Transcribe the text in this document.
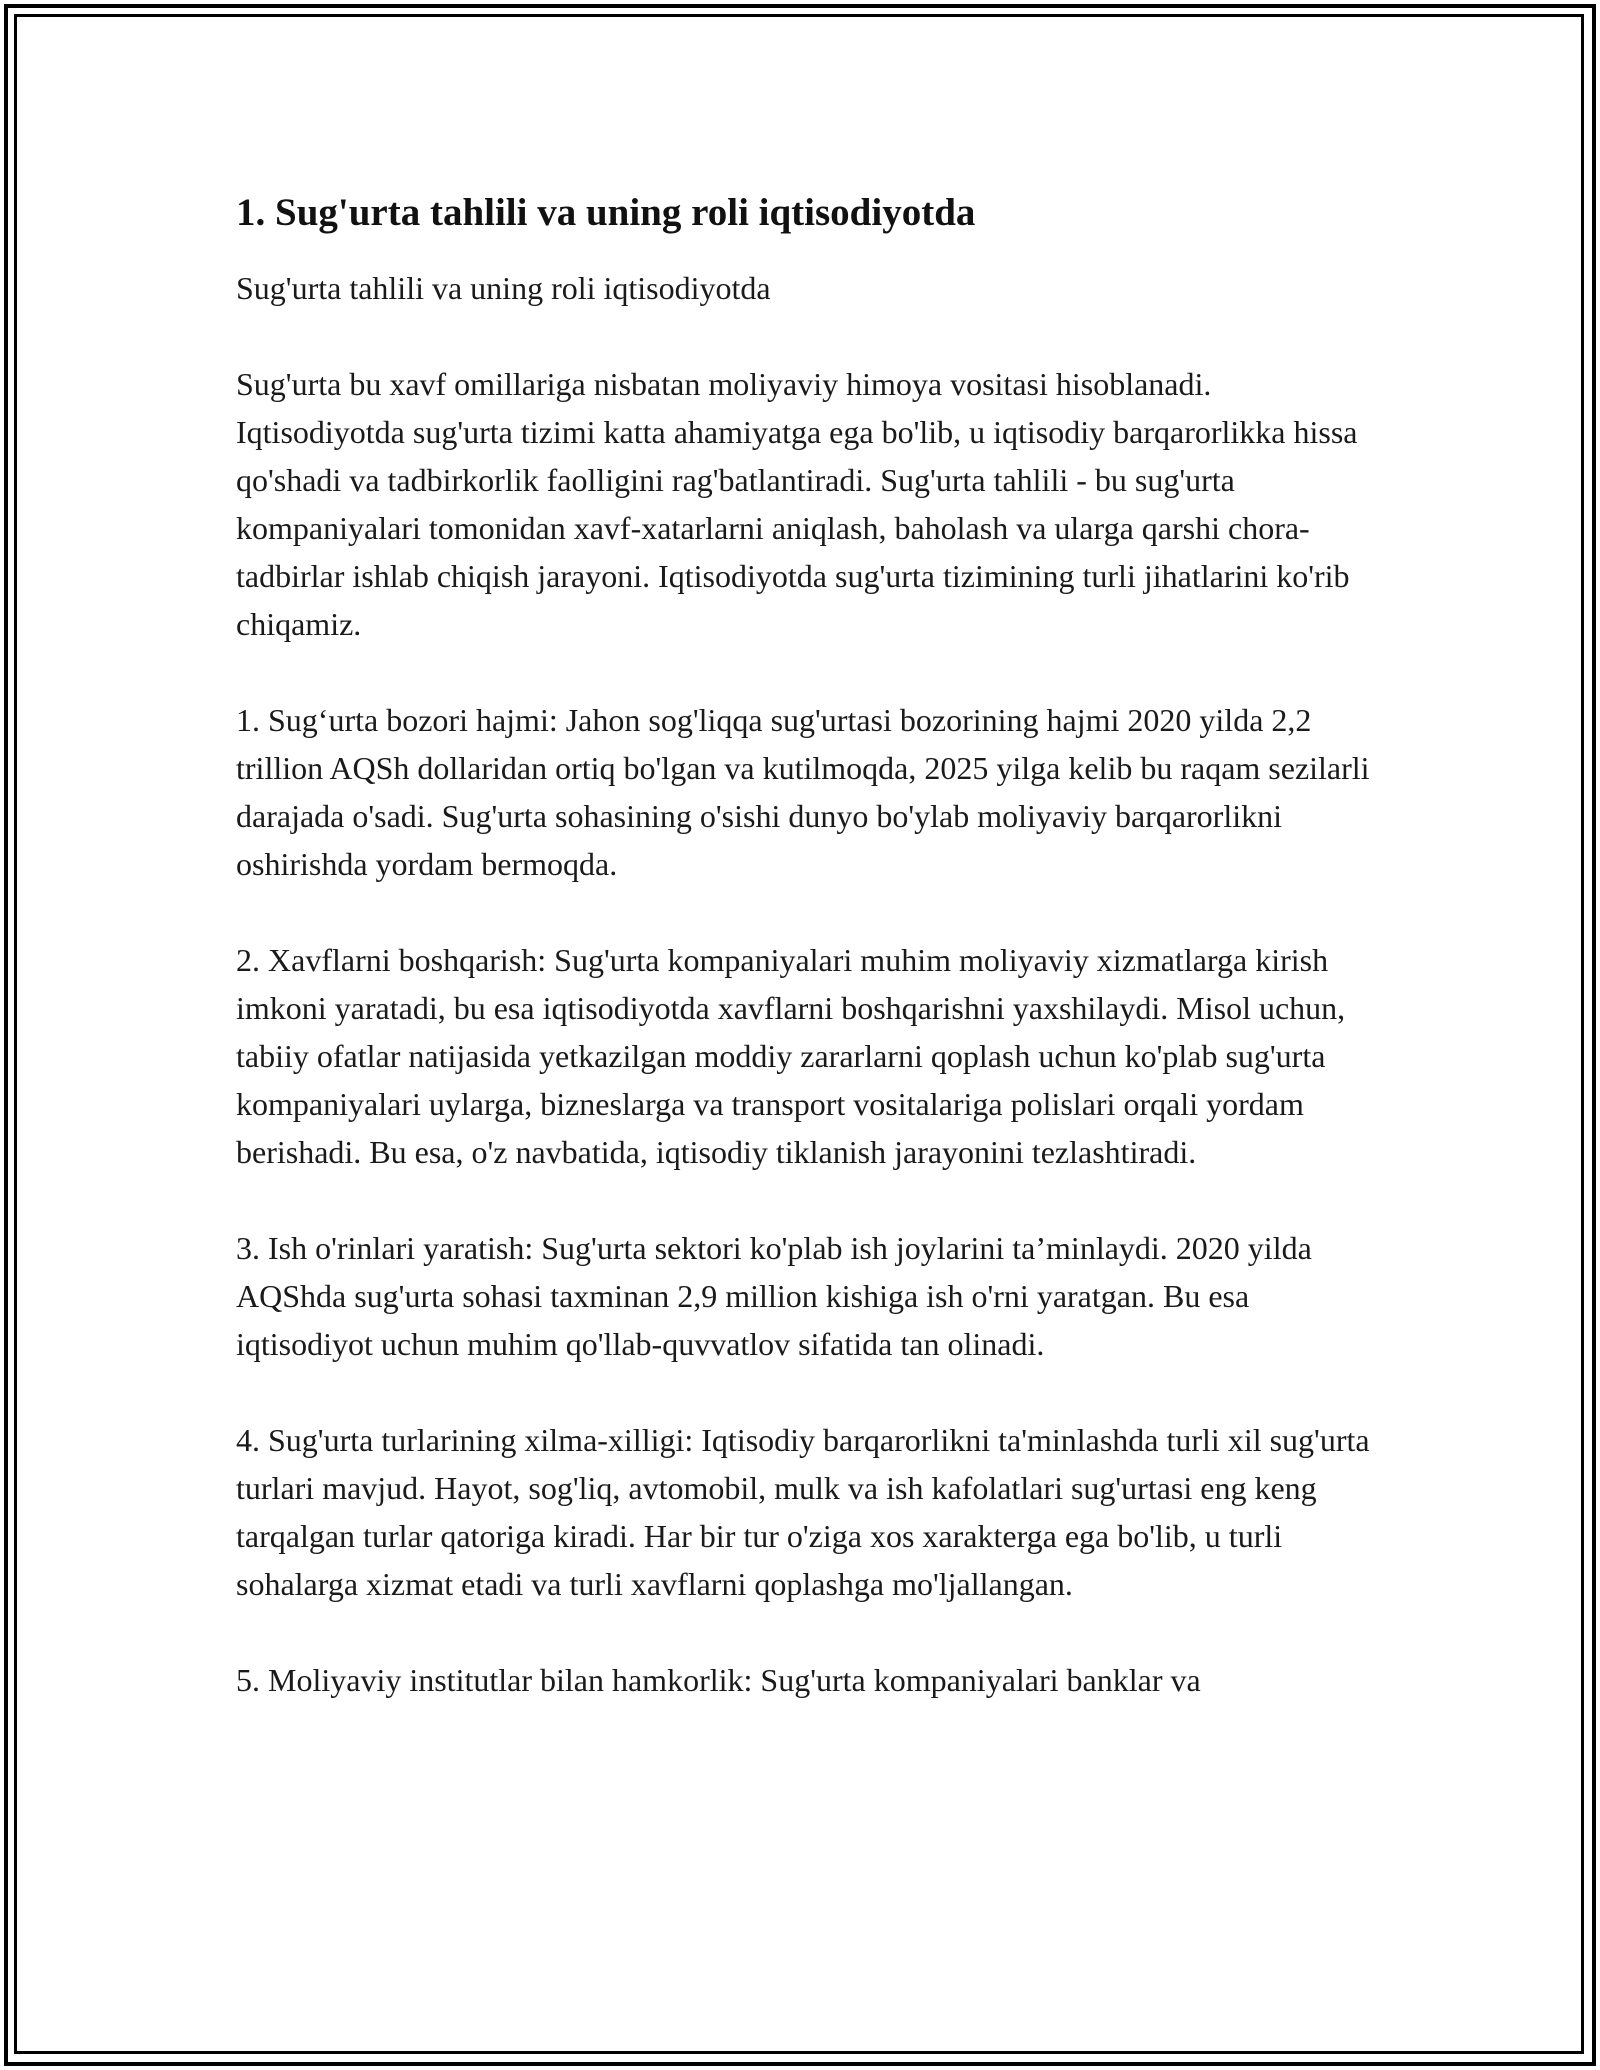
1. Sug'urta tahlili va uning roli iqtisodiyotda

Sug'urta tahlili va uning roli iqtisodiyotda

Sug'urta bu xavf omillariga nisbatan moliyaviy himoya vositasi hisoblanadi. Iqtisodiyotda sug'urta tizimi katta ahamiyatga ega bo'lib, u iqtisodiy barqarorlikka hissa qo'shadi va tadbirkorlik faolligini rag'batlantiradi. Sug'urta tahlili - bu sug'urta kompaniyalari tomonidan xavf-xatarlarni aniqlash, baholash va ularga qarshi chora-tadbirlar ishlab chiqish jarayoni. Iqtisodiyotda sug'urta tizimining turli jihatlarini ko'rib chiqamiz.

1. Sug‘urta bozori hajmi: Jahon sog'liqqa sug'urtasi bozorining hajmi 2020 yilda 2,2 trillion AQSh dollaridan ortiq bo'lgan va kutilmoqda, 2025 yilga kelib bu raqam sezilarli darajada o'sadi. Sug'urta sohasining o'sishi dunyo bo'ylab moliyaviy barqarorlikni oshirishda yordam bermoqda.

2. Xavflarni boshqarish: Sug'urta kompaniyalari muhim moliyaviy xizmatlarga kirish imkoni yaratadi, bu esa iqtisodiyotda xavflarni boshqarishni yaxshilaydi. Misol uchun, tabiiy ofatlar natijasida yetkazilgan moddiy zararlarni qoplash uchun ko'plab sug'urta kompaniyalari uylarga, bizneslarga va transport vositalariga polislari orqali yordam berishadi. Bu esa, o'z navbatida, iqtisodiy tiklanish jarayonini tezlashtiradi.

3. Ish o'rinlari yaratish: Sug'urta sektori ko'plab ish joylarini ta’minlaydi. 2020 yilda AQShda sug'urta sohasi taxminan 2,9 million kishiga ish o'rni yaratgan. Bu esa iqtisodiyot uchun muhim qo'llab-quvvatlov sifatida tan olinadi.

4. Sug'urta turlarining xilma-xilligi: Iqtisodiy barqarorlikni ta'minlashda turli xil sug'urta turlari mavjud. Hayot, sog'liq, avtomobil, mulk va ish kafolatlari sug'urtasi eng keng tarqalgan turlar qatoriga kiradi. Har bir tur o'ziga xos xarakterga ega bo'lib, u turli sohalarga xizmat etadi va turli xavflarni qoplashga mo'ljallangan.

5. Moliyaviy institutlar bilan hamkorlik: Sug'urta kompaniyalari banklar va
